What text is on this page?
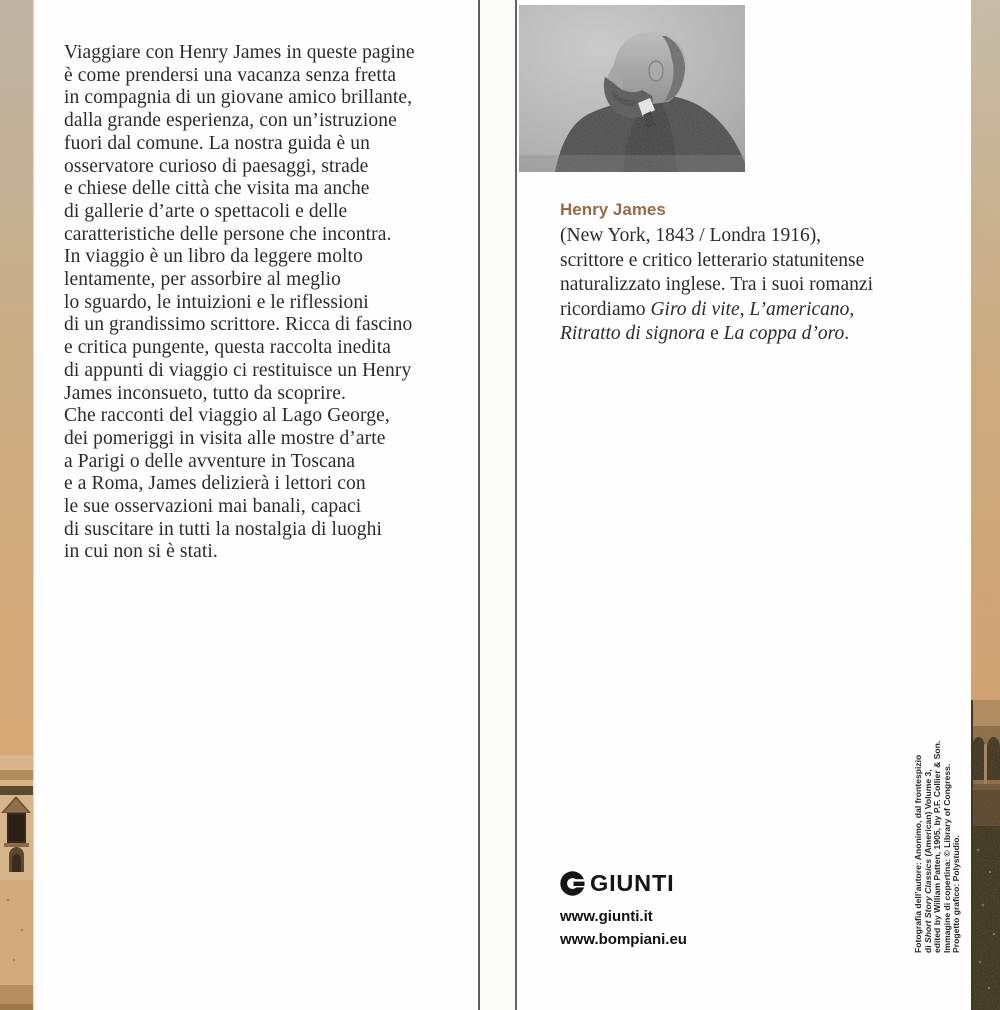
Viaggiare con Henry James in queste pagine
è come prendersi una vacanza senza fretta
in compagnia di un giovane amico brillante,
dalla grande esperienza, con un’istruzione
fuori dal comune. La nostra guida è un
osservatore curioso di paesaggi, strade
e chiese delle città che visita ma anche
di gallerie d’arte o spettacoli e delle
caratteristiche delle persone che incontra.
In viaggio è un libro da leggere molto
lentamente, per assorbire al meglio
lo sguardo, le intuizioni e le riflessioni
di un grandissimo scrittore. Ricca di fascino
e critica pungente, questa raccolta inedita
di appunti di viaggio ci restituisce un Henry
James inconsueto, tutto da scoprire.
Che racconti del viaggio al Lago George,
dei pomeriggi in visita alle mostre d’arte
a Parigi o delle avventure in Toscana
e a Roma, James delizierà i lettori con
le sue osservazioni mai banali, capaci
di suscitare in tutti la nostalgia di luoghi
in cui non si è stati.
Henry James
(New York, 1843 / Londra 1916),
scrittore e critico letterario statunitense
naturalizzato inglese. Tra i suoi romanzi
ricordiamo Giro di vite, L’americano,
Ritratto di signora e La coppa d’oro.
GIUNTI
www.giunti.it
www.bompiani.eu	Fotografia dell’autore: Anonimo, dal frontespizio di Short Story Classics (American) Volume 3, edited by William Patten, 1905, by P.F. Collier & Son. Immagine di copertina: © Library of Congress. Progetto grafico: Polystudio.
